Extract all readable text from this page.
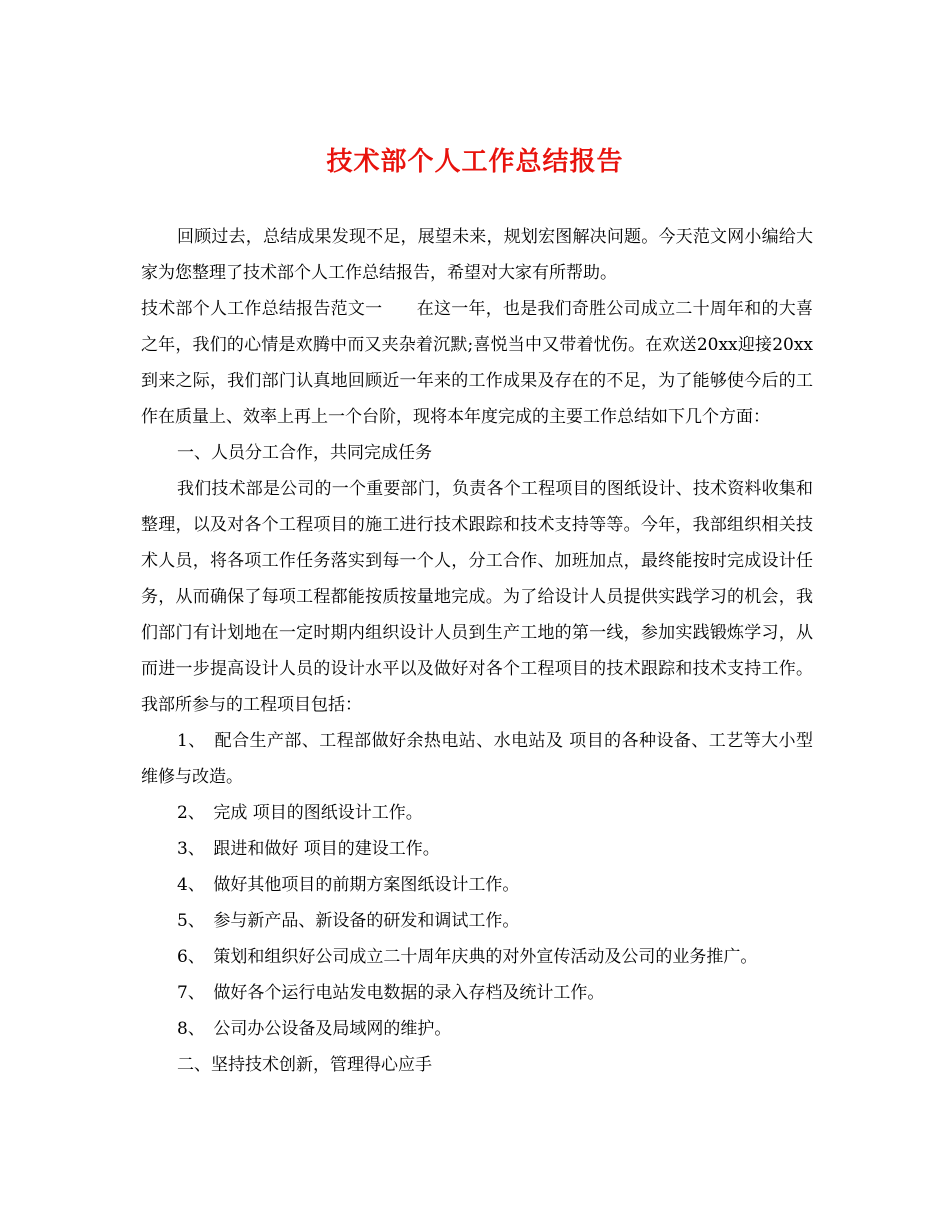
技术部个人工作总结报告

回顾过去，总结成果发现不足，展望未来，规划宏图解决问题。今天范文网小编给大家为您整理了技术部个人工作总结报告，希望对大家有所帮助。

技术部个人工作总结报告范文一　　在这一年，也是我们奇胜公司成立二十周年和的大喜之年，我们的心情是欢腾中而又夹杂着沉默;喜悦当中又带着忧伤。在欢送20xx迎接20xx到来之际，我们部门认真地回顾近一年来的工作成果及存在的不足，为了能够使今后的工作在质量上、效率上再上一个台阶，现将本年度完成的主要工作总结如下几个方面：

一、人员分工合作，共同完成任务

我们技术部是公司的一个重要部门，负责各个工程项目的图纸设计、技术资料收集和整理，以及对各个工程项目的施工进行技术跟踪和技术支持等等。今年，我部组织相关技术人员，将各项工作任务落实到每一个人，分工合作、加班加点，最终能按时完成设计任务，从而确保了每项工程都能按质按量地完成。为了给设计人员提供实践学习的机会，我们部门有计划地在一定时期内组织设计人员到生产工地的第一线，参加实践锻炼学习，从而进一步提高设计人员的设计水平以及做好对各个工程项目的技术跟踪和技术支持工作。我部所参与的工程项目包括：

1、　配合生产部、工程部做好余热电站、水电站及 项目的各种设备、工艺等大小型维修与改造。

2、　完成 项目的图纸设计工作。

3、　跟进和做好 项目的建设工作。

4、　做好其他项目的前期方案图纸设计工作。

5、　参与新产品、新设备的研发和调试工作。

6、　策划和组织好公司成立二十周年庆典的对外宣传活动及公司的业务推广。

7、　做好各个运行电站发电数据的录入存档及统计工作。

8、　公司办公设备及局域网的维护。

二、坚持技术创新，管理得心应手
